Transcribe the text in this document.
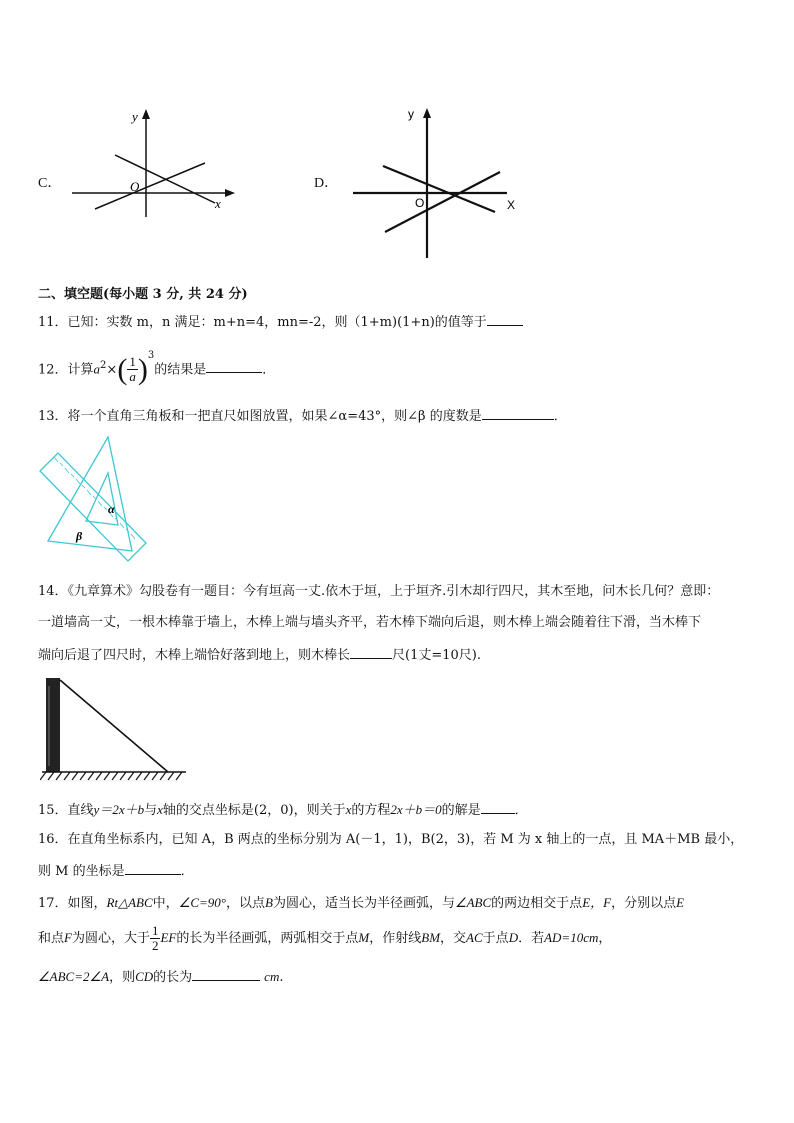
C．
y
x
O	D．
y
X
O
二、填空题(每小题 3 分, 共 24 分)
11．已知：实数 m，n 满足：m+n=4，mn=-2，则（1+m)(1+n)的值等于
12．计算$a^2\times( \frac{1}{a} )^3$的结果是	．
13．将一个直角三角板和一把直尺如图放置，如果∠α=43°，则∠β 的度数是	．
α
β
14．《九章算术》勾股卷有一题目：今有垣高一丈.依木于垣，上于垣齐.引木却行四尺，其木至地，问木长几何？意即：
一道墙高一丈，一根木棒靠于墙上，木棒上端与墙头齐平，若木棒下端向后退，则木棒上端会随着往下滑，当木棒下
端向后退了四尺时，木棒上端恰好落到地上，则木棒长	尺(1丈=10尺).
15．直线y＝2x＋b与x轴的交点坐标是(2，0)，则关于x的方程2x＋b＝0的解是	．
16．在直角坐标系内，已知 A，B 两点的坐标分别为 A(－1，1)，B(2，3)，若 M 为 x 轴上的一点，且 MA＋MB 最小，
则 M 的坐标是	．
17．如图，Rt△ABC中，∠C=90°，以点B为圆心，适当长为半径画弧，与∠ABC的两边相交于点E，F，分别以点E
和点F为圆心，大于 $\frac{1}{2}$ EF的长为半径画弧，两弧相交于点M，作射线BM，交AC于点D．若AD=10cm，
∠ABC=2∠A，则CD的长为	cm.
